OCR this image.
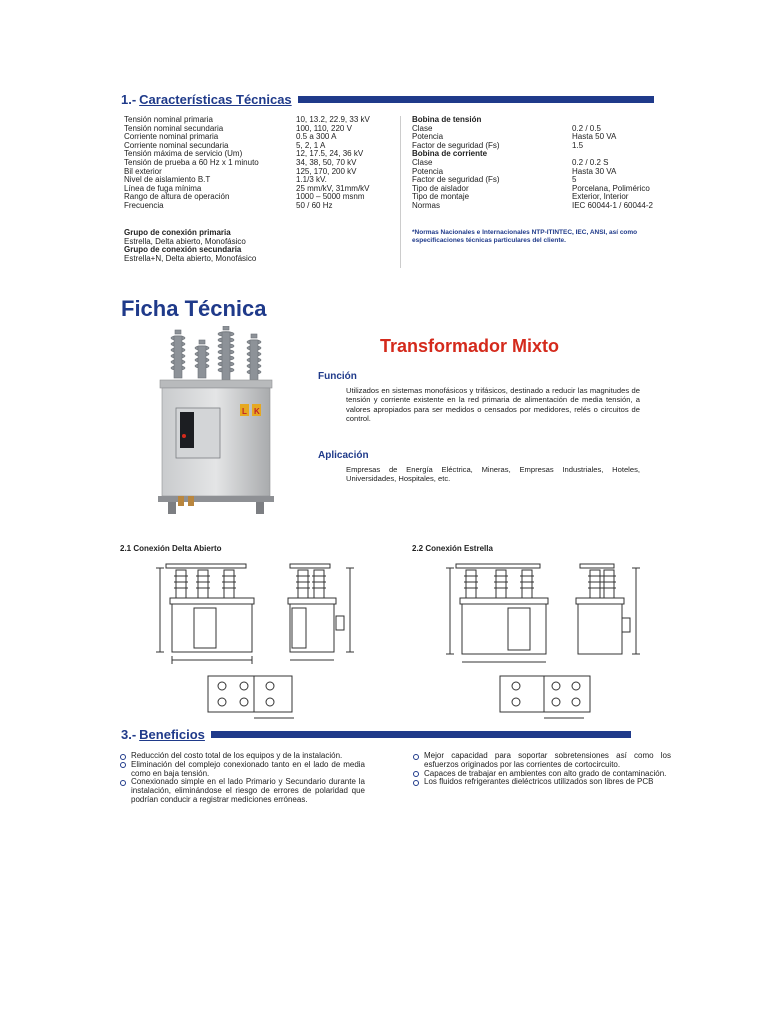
1.- Características Técnicas
Tensión nominal primaria	10, 13.2, 22.9, 33 kV
Tensión nominal secundaria	100, 110, 220 V
Corriente nominal primaria	0.5 a 300 A
Corriente nominal secundaria	5, 2, 1 A
Tensión máxima de servicio (Um)	12, 17.5, 24, 36 kV
Tensión de prueba a 60 Hz x 1 minuto	34, 38, 50, 70 kV
Bil exterior	125, 170, 200 kV
Nivel de aislamiento B.T	1.1/3 kV.
Línea de fuga mínima	25 mm/kV, 31mm/kV
Rango de altura de operación	1000 – 5000 msnm
Frecuencia	50 / 60 Hz
Grupo de conexión primaria
Estrella, Delta abierto, Monofásico
Grupo de conexión secundaria
Estrella+N, Delta abierto, Monofásico
Bobina de tensión
Clase	0.2 / 0.5
Potencia	Hasta 50 VA
Factor de seguridad (Fs)	1.5
Bobina de corriente
Clase	0.2 / 0.2 S
Potencia	Hasta 30 VA
Factor de seguridad (Fs)	5
Tipo de aislador	Porcelana, Polimérico
Tipo de montaje	Exterior, Interior
Normas	IEC 60044-1 / 60044-2
*Normas Nacionales e Internacionales NTP-ITINTEC, IEC, ANSI, así como especificaciones técnicas particulares del cliente.
Ficha Técnica
Transformador Mixto
L K
Función
Utilizados en sistemas monofásicos y trifásicos, destinado a reducir las magnitudes de tensión y corriente existente en la red primaria de alimentación de media tensión, a valores apropiados para ser medidos o censados por medidores, relés o circuitos de control.
Aplicación
Empresas de Energía Eléctrica, Mineras, Empresas Industriales, Hoteles, Universidades, Hospitales, etc.
2.1 Conexión Delta Abierto	2.2 Conexión Estrella
3.- Beneficios
Reducción del costo total de los equipos y de la instalación.
Eliminación del complejo conexionado tanto en el lado de media como en baja tensión.
Conexionado simple en el lado Primario y Secundario durante la instalación, eliminándose el riesgo de errores de polaridad que podrían conducir a registrar mediciones erróneas.
Mejor capacidad para soportar sobretensiones así como los esfuerzos originados por las corrientes de cortocircuito.
Capaces de trabajar en ambientes con alto grado de contaminación.
Los fluidos refrigerantes dieléctricos utilizados son libres de PCB
